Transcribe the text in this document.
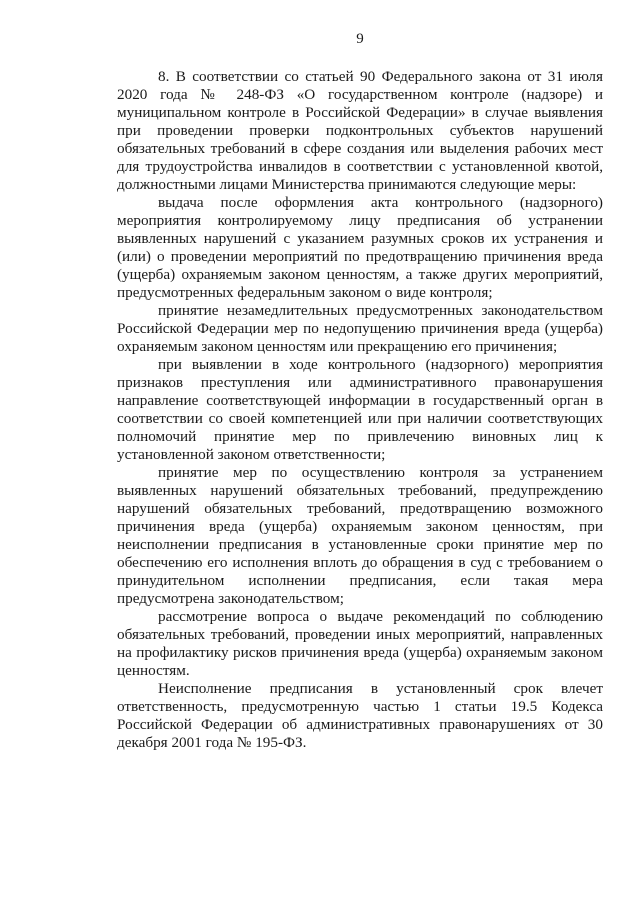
9

8. В соответствии со статьей 90 Федерального закона от 31 июля 2020 года № 248-ФЗ «О государственном контроле (надзоре) и муниципальном контроле в Российской Федерации» в случае выявления при проведении проверки подконтрольных субъектов нарушений обязательных требований в сфере создания или выделения рабочих мест для трудоустройства инвалидов в соответствии с установленной квотой, должностными лицами Министерства принимаются следующие меры:

выдача после оформления акта контрольного (надзорного) мероприятия контролируемому лицу предписания об устранении выявленных нарушений с указанием разумных сроков их устранения и (или) о проведении мероприятий по предотвращению причинения вреда (ущерба) охраняемым законом ценностям, а также других мероприятий, предусмотренных федеральным законом о виде контроля;

принятие незамедлительных предусмотренных законодательством Российской Федерации мер по недопущению причинения вреда (ущерба) охраняемым законом ценностям или прекращению его причинения;

при выявлении в ходе контрольного (надзорного) мероприятия признаков преступления или административного правонарушения направление соответствующей информации в государственный орган в соответствии со своей компетенцией или при наличии соответствующих полномочий принятие мер по привлечению виновных лиц к установленной законом ответственности;

принятие мер по осуществлению контроля за устранением выявленных нарушений обязательных требований, предупреждению нарушений обязательных требований, предотвращению возможного причинения вреда (ущерба) охраняемым законом ценностям, при неисполнении предписания в установленные сроки принятие мер по обеспечению его исполнения вплоть до обращения в суд с требованием о принудительном исполнении предписания, если такая мера предусмотрена законодательством;

рассмотрение вопроса о выдаче рекомендаций по соблюдению обязательных требований, проведении иных мероприятий, направленных на профилактику рисков причинения вреда (ущерба) охраняемым законом ценностям.

Неисполнение предписания в установленный срок влечет ответственность, предусмотренную частью 1 статьи 19.5 Кодекса Российской Федерации об административных правонарушениях от 30 декабря 2001 года № 195-ФЗ.
